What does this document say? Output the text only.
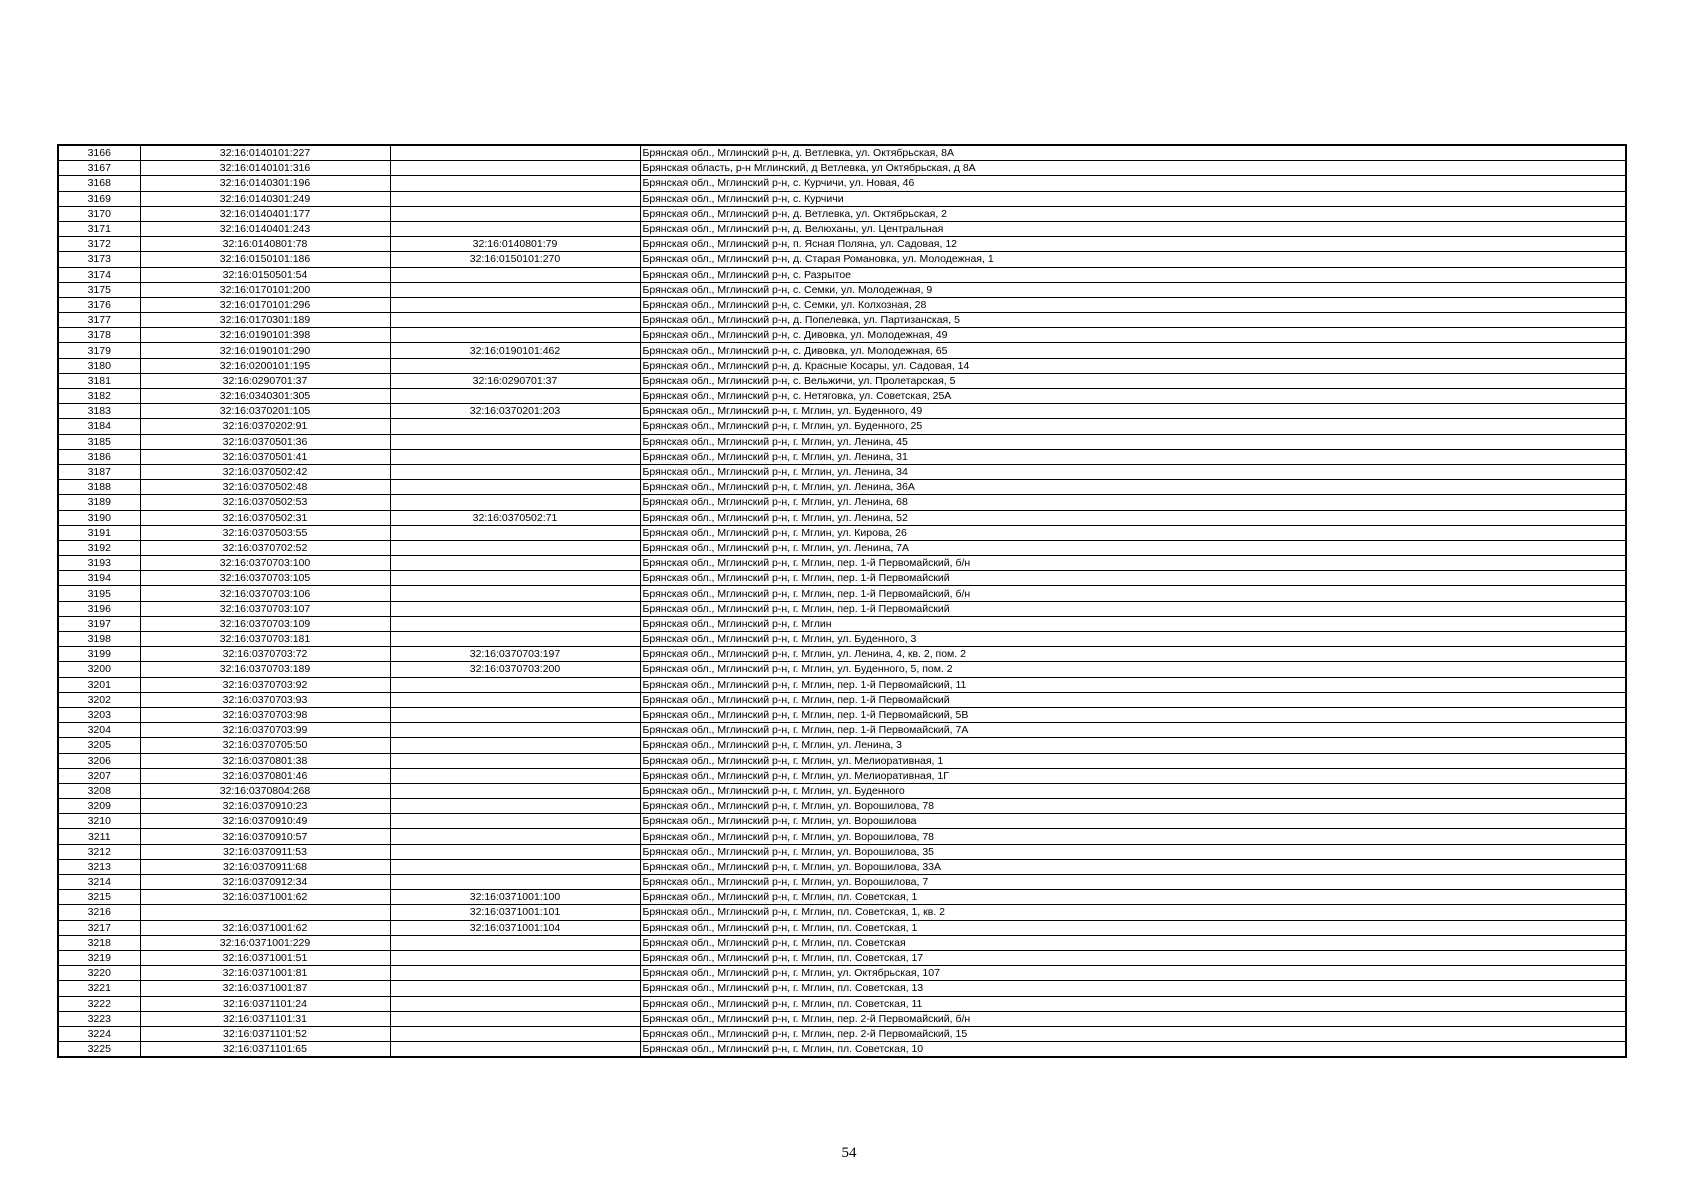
3166	32:16:0140101:227		Брянская обл., Мглинский р-н, д. Ветлевка, ул. Октябрьская, 8А
3167	32:16:0140101:316		Брянская область, р-н Мглинский, д Ветлевка, ул Октябрьская, д 8А
3168	32:16:0140301:196		Брянская обл., Мглинский р-н, с. Курчичи, ул. Новая, 46
3169	32:16:0140301:249		Брянская обл., Мглинский р-н, с. Курчичи
3170	32:16:0140401:177		Брянская обл., Мглинский р-н, д. Ветлевка, ул. Октябрьская, 2
3171	32:16:0140401:243		Брянская обл., Мглинский р-н, д. Велюханы, ул. Центральная
3172	32:16:0140801:78	32:16:0140801:79	Брянская обл., Мглинский р-н, п. Ясная Поляна, ул. Садовая, 12
3173	32:16:0150101:186	32:16:0150101:270	Брянская обл., Мглинский р-н, д. Старая Романовка, ул. Молодежная, 1
3174	32:16:0150501:54		Брянская обл., Мглинский р-н, с. Разрытое
3175	32:16:0170101:200		Брянская обл., Мглинский р-н, с. Семки, ул. Молодежная, 9
3176	32:16:0170101:296		Брянская обл., Мглинский р-н, с. Семки, ул. Колхозная, 28
3177	32:16:0170301:189		Брянская обл., Мглинский р-н, д. Попелевка, ул. Партизанская, 5
3178	32:16:0190101:398		Брянская обл., Мглинский р-н, с. Дивовка, ул. Молодежная, 49
3179	32:16:0190101:290	32:16:0190101:462	Брянская обл., Мглинский р-н, с. Дивовка, ул. Молодежная, 65
3180	32:16:0200101:195		Брянская обл., Мглинский р-н, д. Красные Косары, ул. Садовая, 14
3181	32:16:0290701:37	32:16:0290701:37	Брянская обл., Мглинский р-н, с. Вельжичи, ул. Пролетарская, 5
3182	32:16:0340301:305		Брянская обл., Мглинский р-н, с. Нетяговка, ул. Советская, 25А
3183	32:16:0370201:105	32:16:0370201:203	Брянская обл., Мглинский р-н, г. Мглин, ул. Буденного, 49
3184	32:16:0370202:91		Брянская обл., Мглинский р-н, г. Мглин, ул. Буденного, 25
3185	32:16:0370501:36		Брянская обл., Мглинский р-н, г. Мглин, ул. Ленина, 45
3186	32:16:0370501:41		Брянская обл., Мглинский р-н, г. Мглин, ул. Ленина, 31
3187	32:16:0370502:42		Брянская обл., Мглинский р-н, г. Мглин, ул. Ленина, 34
3188	32:16:0370502:48		Брянская обл., Мглинский р-н, г. Мглин, ул. Ленина, 36А
3189	32:16:0370502:53		Брянская обл., Мглинский р-н, г. Мглин, ул. Ленина, 68
3190	32:16:0370502:31	32:16:0370502:71	Брянская обл., Мглинский р-н, г. Мглин, ул. Ленина, 52
3191	32:16:0370503:55		Брянская обл., Мглинский р-н, г. Мглин, ул. Кирова, 26
3192	32:16:0370702:52		Брянская обл., Мглинский р-н, г. Мглин, ул. Ленина, 7А
3193	32:16:0370703:100		Брянская обл., Мглинский р-н, г. Мглин, пер. 1-й Первомайский, б/н
3194	32:16:0370703:105		Брянская обл., Мглинский р-н, г. Мглин, пер. 1-й Первомайский
3195	32:16:0370703:106		Брянская обл., Мглинский р-н, г. Мглин, пер. 1-й Первомайский, б/н
3196	32:16:0370703:107		Брянская обл., Мглинский р-н, г. Мглин, пер. 1-й Первомайский
3197	32:16:0370703:109		Брянская обл., Мглинский р-н, г. Мглин
3198	32:16:0370703:181		Брянская обл., Мглинский р-н, г. Мглин, ул. Буденного, 3
3199	32:16:0370703:72	32:16:0370703:197	Брянская обл., Мглинский р-н, г. Мглин, ул. Ленина, 4, кв. 2, пом. 2
3200	32:16:0370703:189	32:16:0370703:200	Брянская обл., Мглинский р-н, г. Мглин, ул. Буденного, 5, пом. 2
3201	32:16:0370703:92		Брянская обл., Мглинский р-н, г. Мглин, пер. 1-й Первомайский, 11
3202	32:16:0370703:93		Брянская обл., Мглинский р-н, г. Мглин, пер. 1-й Первомайский
3203	32:16:0370703:98		Брянская обл., Мглинский р-н, г. Мглин, пер. 1-й Первомайский, 5В
3204	32:16:0370703:99		Брянская обл., Мглинский р-н, г. Мглин, пер. 1-й Первомайский, 7А
3205	32:16:0370705:50		Брянская обл., Мглинский р-н, г. Мглин, ул. Ленина, 3
3206	32:16:0370801:38		Брянская обл., Мглинский р-н, г. Мглин, ул. Мелиоративная, 1
3207	32:16:0370801:46		Брянская обл., Мглинский р-н, г. Мглин, ул. Мелиоративная, 1Г
3208	32:16:0370804:268		Брянская обл., Мглинский р-н, г. Мглин, ул. Буденного
3209	32:16:0370910:23		Брянская обл., Мглинский р-н, г. Мглин, ул. Ворошилова, 78
3210	32:16:0370910:49		Брянская обл., Мглинский р-н, г. Мглин, ул. Ворошилова
3211	32:16:0370910:57		Брянская обл., Мглинский р-н, г. Мглин, ул. Ворошилова, 78
3212	32:16:0370911:53		Брянская обл., Мглинский р-н, г. Мглин, ул. Ворошилова, 35
3213	32:16:0370911:68		Брянская обл., Мглинский р-н, г. Мглин, ул. Ворошилова, 33А
3214	32:16:0370912:34		Брянская обл., Мглинский р-н, г. Мглин, ул. Ворошилова, 7
3215	32:16:0371001:62	32:16:0371001:100	Брянская обл., Мглинский р-н, г. Мглин, пл. Советская, 1
3216		32:16:0371001:101	Брянская обл., Мглинский р-н, г. Мглин, пл. Советская, 1, кв. 2
3217	32:16:0371001:62	32:16:0371001:104	Брянская обл., Мглинский р-н, г. Мглин, пл. Советская, 1
3218	32:16:0371001:229		Брянская обл., Мглинский р-н, г. Мглин, пл. Советская
3219	32:16:0371001:51		Брянская обл., Мглинский р-н, г. Мглин, пл. Советская, 17
3220	32:16:0371001:81		Брянская обл., Мглинский р-н, г. Мглин, ул. Октябрьская, 107
3221	32:16:0371001:87		Брянская обл., Мглинский р-н, г. Мглин, пл. Советская, 13
3222	32:16:0371101:24		Брянская обл., Мглинский р-н, г. Мглин, пл. Советская, 11
3223	32:16:0371101:31		Брянская обл., Мглинский р-н, г. Мглин, пер. 2-й Первомайский, б/н
3224	32:16:0371101:52		Брянская обл., Мглинский р-н, г. Мглин, пер. 2-й Первомайский, 15
3225	32:16:0371101:65		Брянская обл., Мглинский р-н, г. Мглин, пл. Советская, 10
54
